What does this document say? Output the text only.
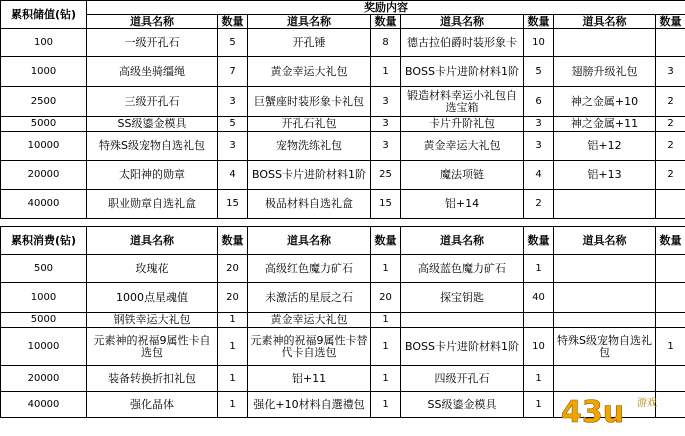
累积储值(钻)	奖励内容							
	道具名称	数量	道具名称	数量	道具名称	数量	道具名称	数量
100	一级开孔石	5	开孔锤	8	德古拉伯爵时装形象卡	10		
1000	高级坐骑缰绳	7	黄金幸运大礼包	1	BOSS卡片进阶材料1阶	5	翅膀升级礼包	3
2500	三级开孔石	3	巨蟹座时装形象卡礼包	3	锻造材料幸运小礼包自选宝箱	6	神之金属+10	2
5000	SS级鎏金模具	5	开孔石礼包	3	卡片升阶礼包	3	神之金属+11	2
10000	特殊S级宠物自选礼包	3	宠物洗练礼包	3	黄金幸运大礼包	3	铝+12	2
20000	太阳神的勋章	4	BOSS卡片进阶材料1阶	25	魔法项链	4	铝+13	2
40000	职业勋章自选礼盒	15	极品材料自选礼盒	15	铝+14	2		
累积消费(钻)	道具名称	数量	道具名称	数量	道具名称	数量	道具名称	数量
500	玫瑰花	20	高级红色魔力矿石	1	高级蓝色魔力矿石	1		
1000	1000点星魂值	20	未激活的星辰之石	20	探宝钥匙	40		
5000	钢铁幸运大礼包	1	黄金幸运大礼包	1				
10000	元素神的祝福9属性卡自选包	1	元素神的祝福9属性卡替代卡自选包	1	BOSS卡片进阶材料1阶	10	特殊S级宠物自选礼包	1
20000	装备转换折扣礼包	1	铝+11	1	四级开孔石	1		
40000	强化晶体	1	强化+10材料自選禮包	1	SS级鎏金模具	1		43u 游戏
